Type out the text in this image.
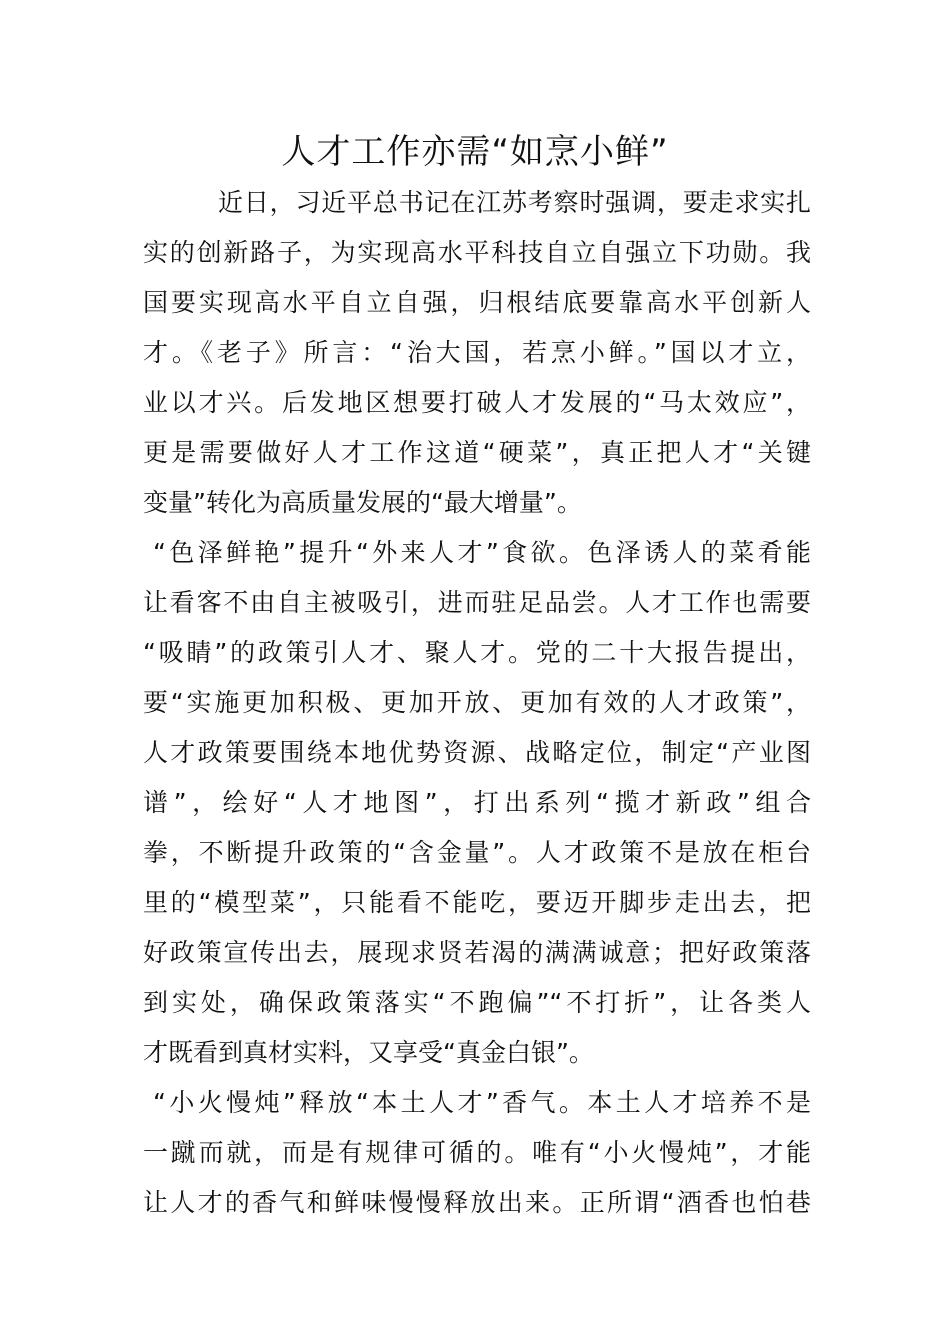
人才工作亦需“如烹小鲜”
近日，习近平总书记在江苏考察时强调，要走求实扎
实的创新路子，为实现高水平科技自立自强立下功勋。我
国要实现高水平自立自强，归根结底要靠高水平创新人
才。《老子》所言：“治大国，若烹小鲜。”国以才立，
业以才兴。后发地区想要打破人才发展的“马太效应”，
更是需要做好人才工作这道“硬菜”，真正把人才“关键
变量”转化为高质量发展的“最大增量”。
“色泽鲜艳”提升“外来人才”食欲。色泽诱人的菜肴能
让看客不由自主被吸引，进而驻足品尝。人才工作也需要
“吸睛”的政策引人才、聚人才。党的二十大报告提出，
要“实施更加积极、更加开放、更加有效的人才政策”，
人才政策要围绕本地优势资源、战略定位，制定“产业图
谱”，绘好“人才地图”，打出系列“揽才新政”组合
拳，不断提升政策的“含金量”。人才政策不是放在柜台
里的“模型菜”，只能看不能吃，要迈开脚步走出去，把
好政策宣传出去，展现求贤若渴的满满诚意；把好政策落
到实处，确保政策落实“不跑偏”“不打折”，让各类人
才既看到真材实料，又享受“真金白银”。
“小火慢炖”释放“本土人才”香气。本土人才培养不是
一蹴而就，而是有规律可循的。唯有“小火慢炖”，才能
让人才的香气和鲜味慢慢释放出来。正所谓“酒香也怕巷
